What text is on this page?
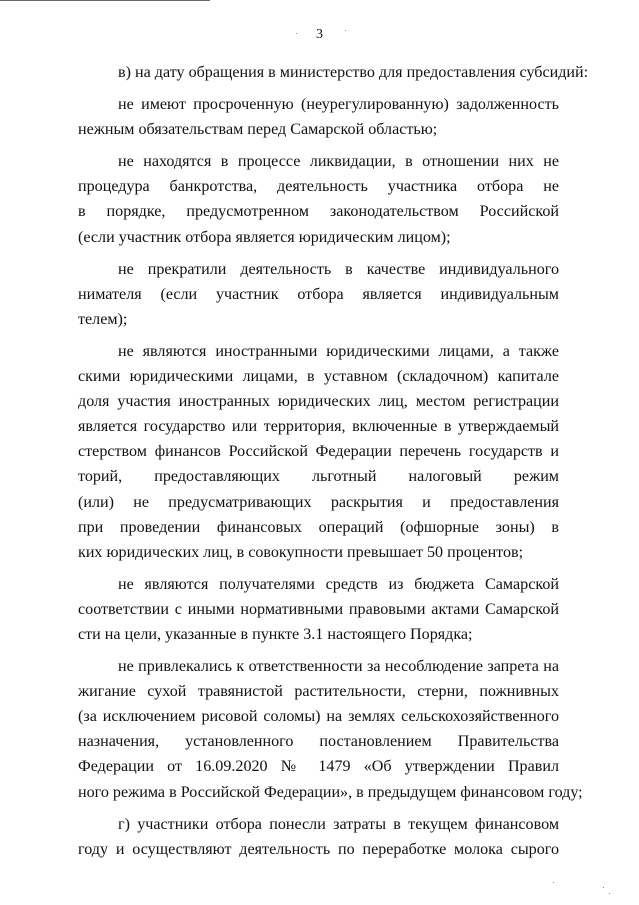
3
в) на дату обращения в министерство для предоставления субсидий:
не имеют просроченную (неурегулированную) задолженность
нежным обязательствам перед Самарской областью;
не находятся в процессе ликвидации, в отношении них не
процедура банкротства, деятельность участника отбора не
в порядке, предусмотренном законодательством Российской
(если участник отбора является юридическим лицом);
не прекратили деятельность в качестве индивидуального
нимателя (если участник отбора является индивидуальным
телем);
не являются иностранными юридическими лицами, а также
скими юридическими лицами, в уставном (складочном) капитале
доля участия иностранных юридических лиц, местом регистрации
является государство или территория, включенные в утверждаемый
стерством финансов Российской Федерации перечень государств и
торий, предоставляющих льготный налоговый режим
(или) не предусматривающих раскрытия и предоставления
при проведении финансовых операций (офшорные зоны) в
ких юридических лиц, в совокупности превышает 50 процентов;
не являются получателями средств из бюджета Самарской
соответствии с иными нормативными правовыми актами Самарской
сти на цели, указанные в пункте 3.1 настоящего Порядка;
не привлекались к ответственности за несоблюдение запрета на
жигание сухой травянистой растительности, стерни, пожнивных
(за исключением рисовой соломы) на землях сельскохозяйственного
назначения, установленного постановлением Правительства
Федерации от 16.09.2020 № 1479 «Об утверждении Правил
ного режима в Российской Федерации», в предыдущем финансовом году;
г) участники отбора понесли затраты в текущем финансовом
году и осуществляют деятельность по переработке молока сырого
